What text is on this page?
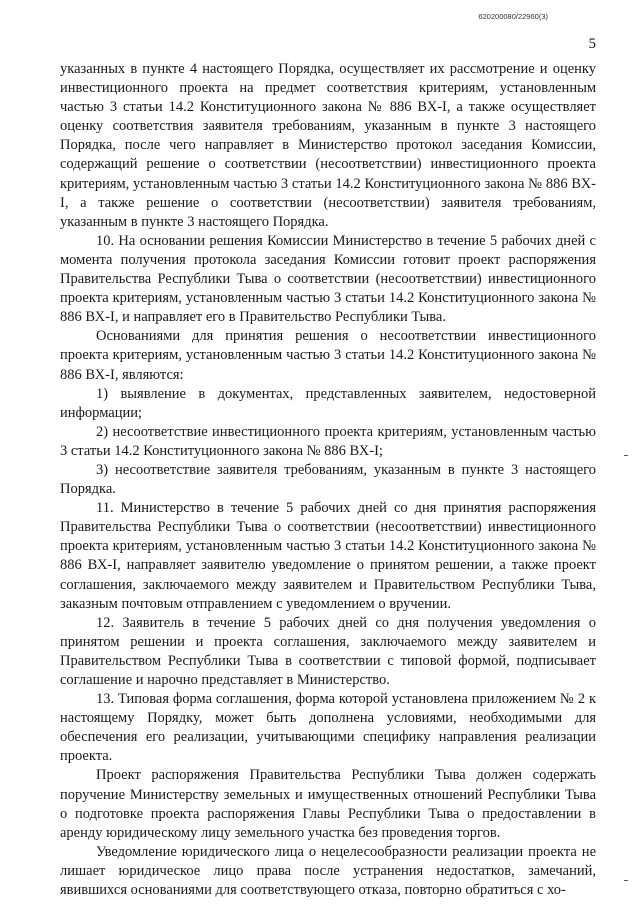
620200080/22960(3)
5

указанных в пункте 4 настоящего Порядка, осуществляет их рассмотрение и оценку инвестиционного проекта на предмет соответствия критериям, установленным частью 3 статьи 14.2 Конституционного закона № 886 ВХ-I, а также осуществляет оценку соответствия заявителя требованиям, указанным в пункте 3 настоящего Порядка, после чего направляет в Министерство протокол заседания Комиссии, содержащий решение о соответствии (несоответствии) инвестиционного проекта критериям, установленным частью 3 статьи 14.2 Конституционного закона № 886 ВХ-I, а также решение о соответствии (несоответствии) заявителя требованиям, указанным в пункте 3 настоящего Порядка.

10. На основании решения Комиссии Министерство в течение 5 рабочих дней с момента получения протокола заседания Комиссии готовит проект распоряжения Правительства Республики Тыва о соответствии (несоответствии) инвестиционного проекта критериям, установленным частью 3 статьи 14.2 Конституционного закона № 886 ВХ-I, и направляет его в Правительство Республики Тыва.

Основаниями для принятия решения о несоответствии инвестиционного проекта критериям, установленным частью 3 статьи 14.2 Конституционного закона № 886 ВХ-I, являются:

1) выявление в документах, представленных заявителем, недостоверной информации;

2) несоответствие инвестиционного проекта критериям, установленным частью 3 статьи 14.2 Конституционного закона № 886 ВХ-I;

3) несоответствие заявителя требованиям, указанным в пункте 3 настоящего Порядка.

11. Министерство в течение 5 рабочих дней со дня принятия распоряжения Правительства Республики Тыва о соответствии (несоответствии) инвестиционного проекта критериям, установленным частью 3 статьи 14.2 Конституционного закона № 886 ВХ-I, направляет заявителю уведомление о принятом решении, а также проект соглашения, заключаемого между заявителем и Правительством Республики Тыва, заказным почтовым отправлением с уведомлением о вручении.

12. Заявитель в течение 5 рабочих дней со дня получения уведомления о принятом решении и проекта соглашения, заключаемого между заявителем и Правительством Республики Тыва в соответствии с типовой формой, подписывает соглашение и нарочно представляет в Министерство.

13. Типовая форма соглашения, форма которой установлена приложением № 2 к настоящему Порядку, может быть дополнена условиями, необходимыми для обеспечения его реализации, учитывающими специфику направления реализации проекта.

Проект распоряжения Правительства Республики Тыва должен содержать поручение Министерству земельных и имущественных отношений Республики Тыва о подготовке проекта распоряжения Главы Республики Тыва о предоставлении в аренду юридическому лицу земельного участка без проведения торгов.

Уведомление юридического лица о нецелесообразности реализации проекта не лишает юридическое лицо права после устранения недостатков, замечаний, явившихся основаниями для соответствующего отказа, повторно обратиться с хо-
